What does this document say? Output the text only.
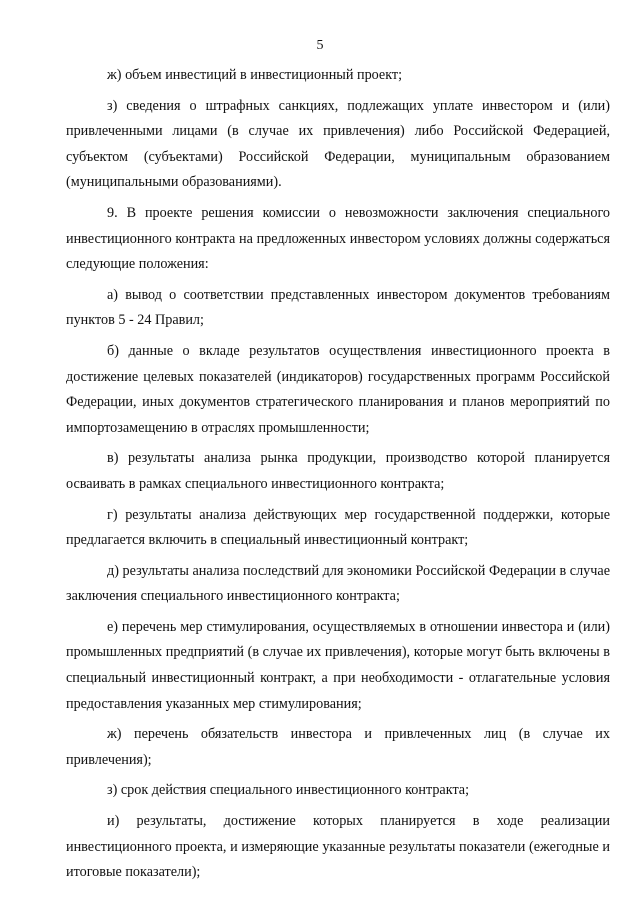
5

ж) объем инвестиций в инвестиционный проект;

з) сведения о штрафных санкциях, подлежащих уплате инвестором и (или) привлеченными лицами (в случае их привлечения) либо Российской Федерацией, субъектом (субъектами) Российской Федерации, муниципальным образованием (муниципальными образованиями).

9. В проекте решения комиссии о невозможности заключения специального инвестиционного контракта на предложенных инвестором условиях должны содержаться следующие положения:

а) вывод о соответствии представленных инвестором документов требованиям пунктов 5 - 24 Правил;

б) данные о вкладе результатов осуществления инвестиционного проекта в достижение целевых показателей (индикаторов) государственных программ Российской Федерации, иных документов стратегического планирования и планов мероприятий по импортозамещению в отраслях промышленности;

в) результаты анализа рынка продукции, производство которой планируется осваивать в рамках специального инвестиционного контракта;

г) результаты анализа действующих мер государственной поддержки, которые предлагается включить в специальный инвестиционный контракт;

д) результаты анализа последствий для экономики Российской Федерации в случае заключения специального инвестиционного контракта;

е) перечень мер стимулирования, осуществляемых в отношении инвестора и (или) промышленных предприятий (в случае их привлечения), которые могут быть включены в специальный инвестиционный контракт, а при необходимости - отлагательные условия предоставления указанных мер стимулирования;

ж) перечень обязательств инвестора и привлеченных лиц (в случае их привлечения);

з) срок действия специального инвестиционного контракта;

и) результаты, достижение которых планируется в ходе реализации инвестиционного проекта, и измеряющие указанные результаты показатели (ежегодные и итоговые показатели);
